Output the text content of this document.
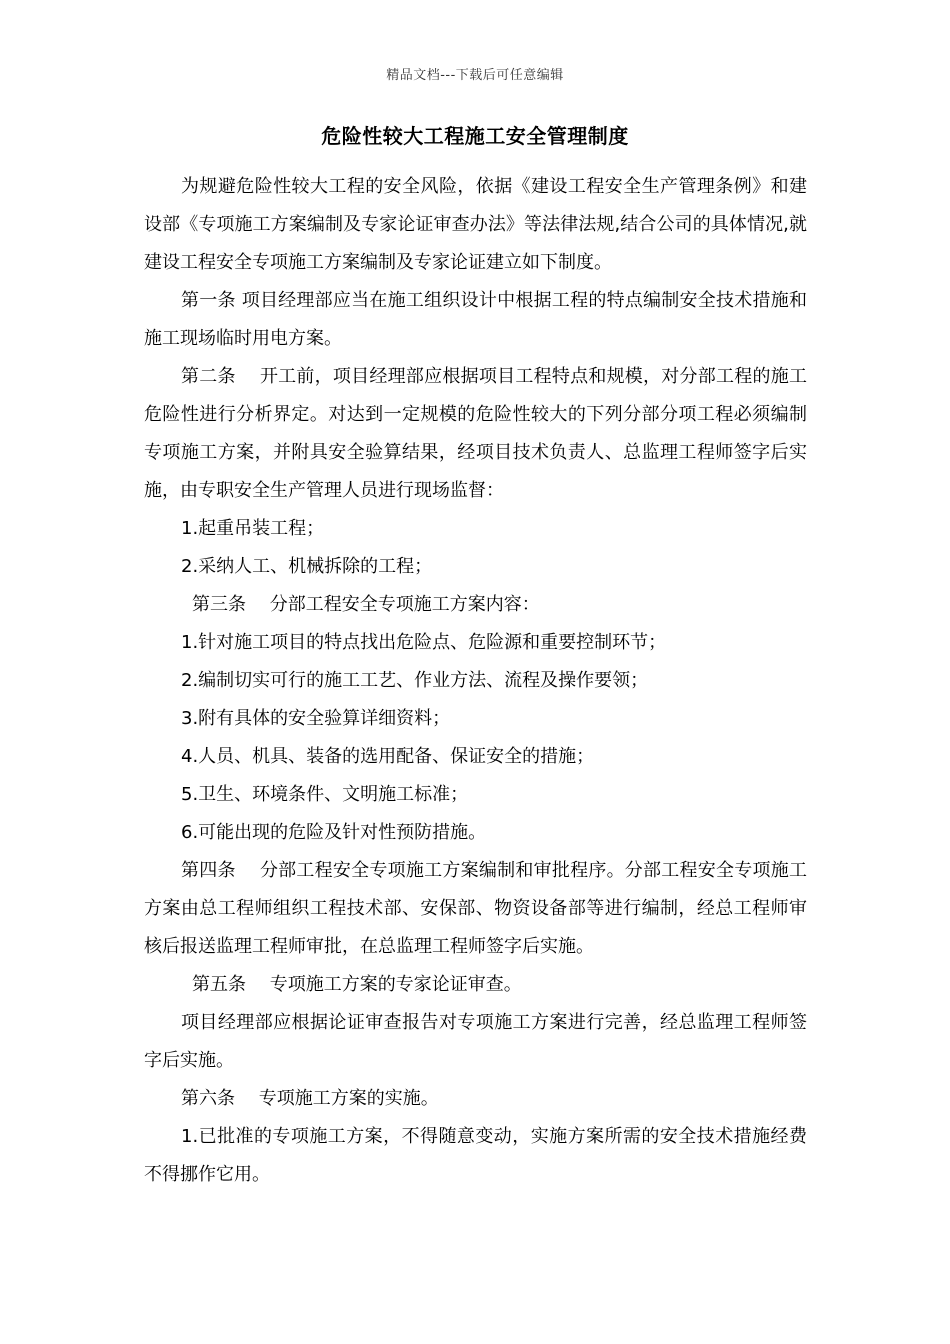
精品文档---下载后可任意编辑
危险性较大工程施工安全管理制度

为规避危险性较大工程的安全风险，依据《建设工程安全生产管理条例》和建设部《专项施工方案编制及专家论证审查办法》等法律法规,结合公司的具体情况,就建设工程安全专项施工方案编制及专家论证建立如下制度。

第一条 项目经理部应当在施工组织设计中根据工程的特点编制安全技术措施和施工现场临时用电方案。

第二条　 开工前，项目经理部应根据项目工程特点和规模，对分部工程的施工危险性进行分析界定。对达到一定规模的危险性较大的下列分部分项工程必须编制专项施工方案，并附具安全验算结果，经项目技术负责人、总监理工程师签字后实施，由专职安全生产管理人员进行现场监督：

1.起重吊装工程；

2.采纳人工、机械拆除的工程；

第三条　 分部工程安全专项施工方案内容：

1.针对施工项目的特点找出危险点、危险源和重要控制环节；

2.编制切实可行的施工工艺、作业方法、流程及操作要领；

3.附有具体的安全验算详细资料；

4.人员、机具、装备的选用配备、保证安全的措施；

5.卫生、环境条件、文明施工标准；

6.可能出现的危险及针对性预防措施。

第四条　 分部工程安全专项施工方案编制和审批程序。分部工程安全专项施工方案由总工程师组织工程技术部、安保部、物资设备部等进行编制，经总工程师审核后报送监理工程师审批，在总监理工程师签字后实施。

第五条　 专项施工方案的专家论证审查。

项目经理部应根据论证审查报告对专项施工方案进行完善，经总监理工程师签字后实施。

第六条　 专项施工方案的实施。

1.已批准的专项施工方案，不得随意变动，实施方案所需的安全技术措施经费不得挪作它用。
